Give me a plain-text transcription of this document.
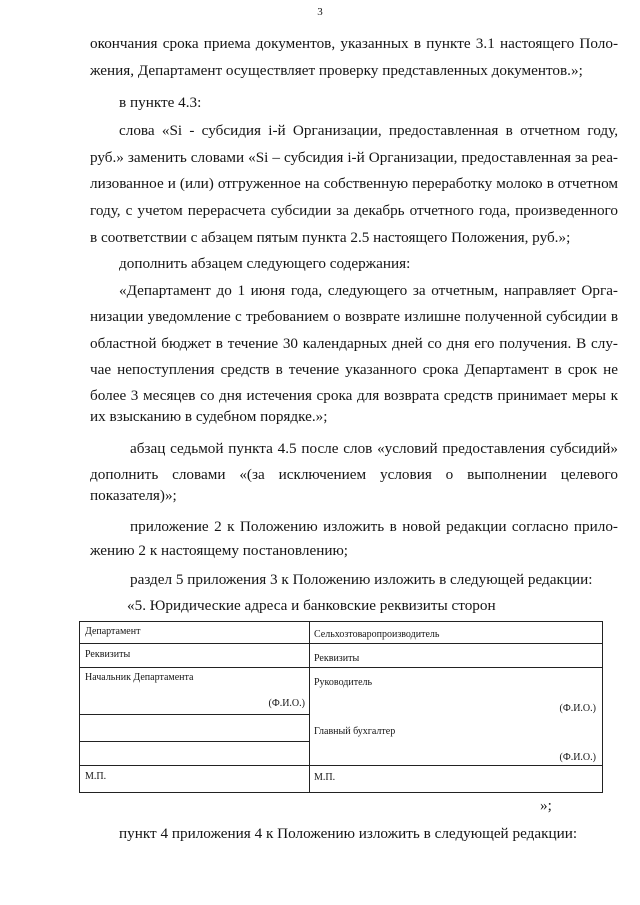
3
окончания срока приема документов, указанных в пункте 3.1 настоящего Поло-
жения, Департамент осуществляет проверку представленных документов.»;
в пункте 4.3:
слова «Si - субсидия i-й Организации, предоставленная в отчетном году,
руб.» заменить словами «Si – субсидия i-й Организации, предоставленная за реа-
лизованное и (или) отгруженное на собственную переработку молоко в отчетном
году, с учетом перерасчета субсидии за декабрь отчетного года, произведенного
в соответствии с абзацем пятым пункта 2.5 настоящего Положения, руб.»;
дополнить абзацем следующего содержания:
«Департамент до 1 июня года, следующего за отчетным, направляет Орга-
низации уведомление с требованием о возврате излишне полученной субсидии в
областной бюджет в течение 30 календарных дней со дня его получения. В слу-
чае непоступления средств в течение указанного срока Департамент в срок не
более 3 месяцев со дня истечения срока для возврата средств принимает меры к
их взысканию в судебном порядке.»;
абзац седьмой пункта 4.5 после слов «условий предоставления субсидий»
дополнить словами «(за исключением условия о выполнении целевого
показателя)»;
приложение 2 к Положению изложить в новой редакции согласно прило-
жению 2 к настоящему постановлению;
раздел 5 приложения 3 к Положению изложить в следующей редакции:
«5. Юридические адреса и банковские реквизиты сторон
Департамент
Реквизиты
Начальник Департамента
(Ф.И.О.)
М.П.
Сельхозтоваропроизводитель
Реквизиты
Руководитель
(Ф.И.О.)
Главный бухгалтер
(Ф.И.О.)
М.П.
»;
пункт 4 приложения 4 к Положению изложить в следующей редакции:
